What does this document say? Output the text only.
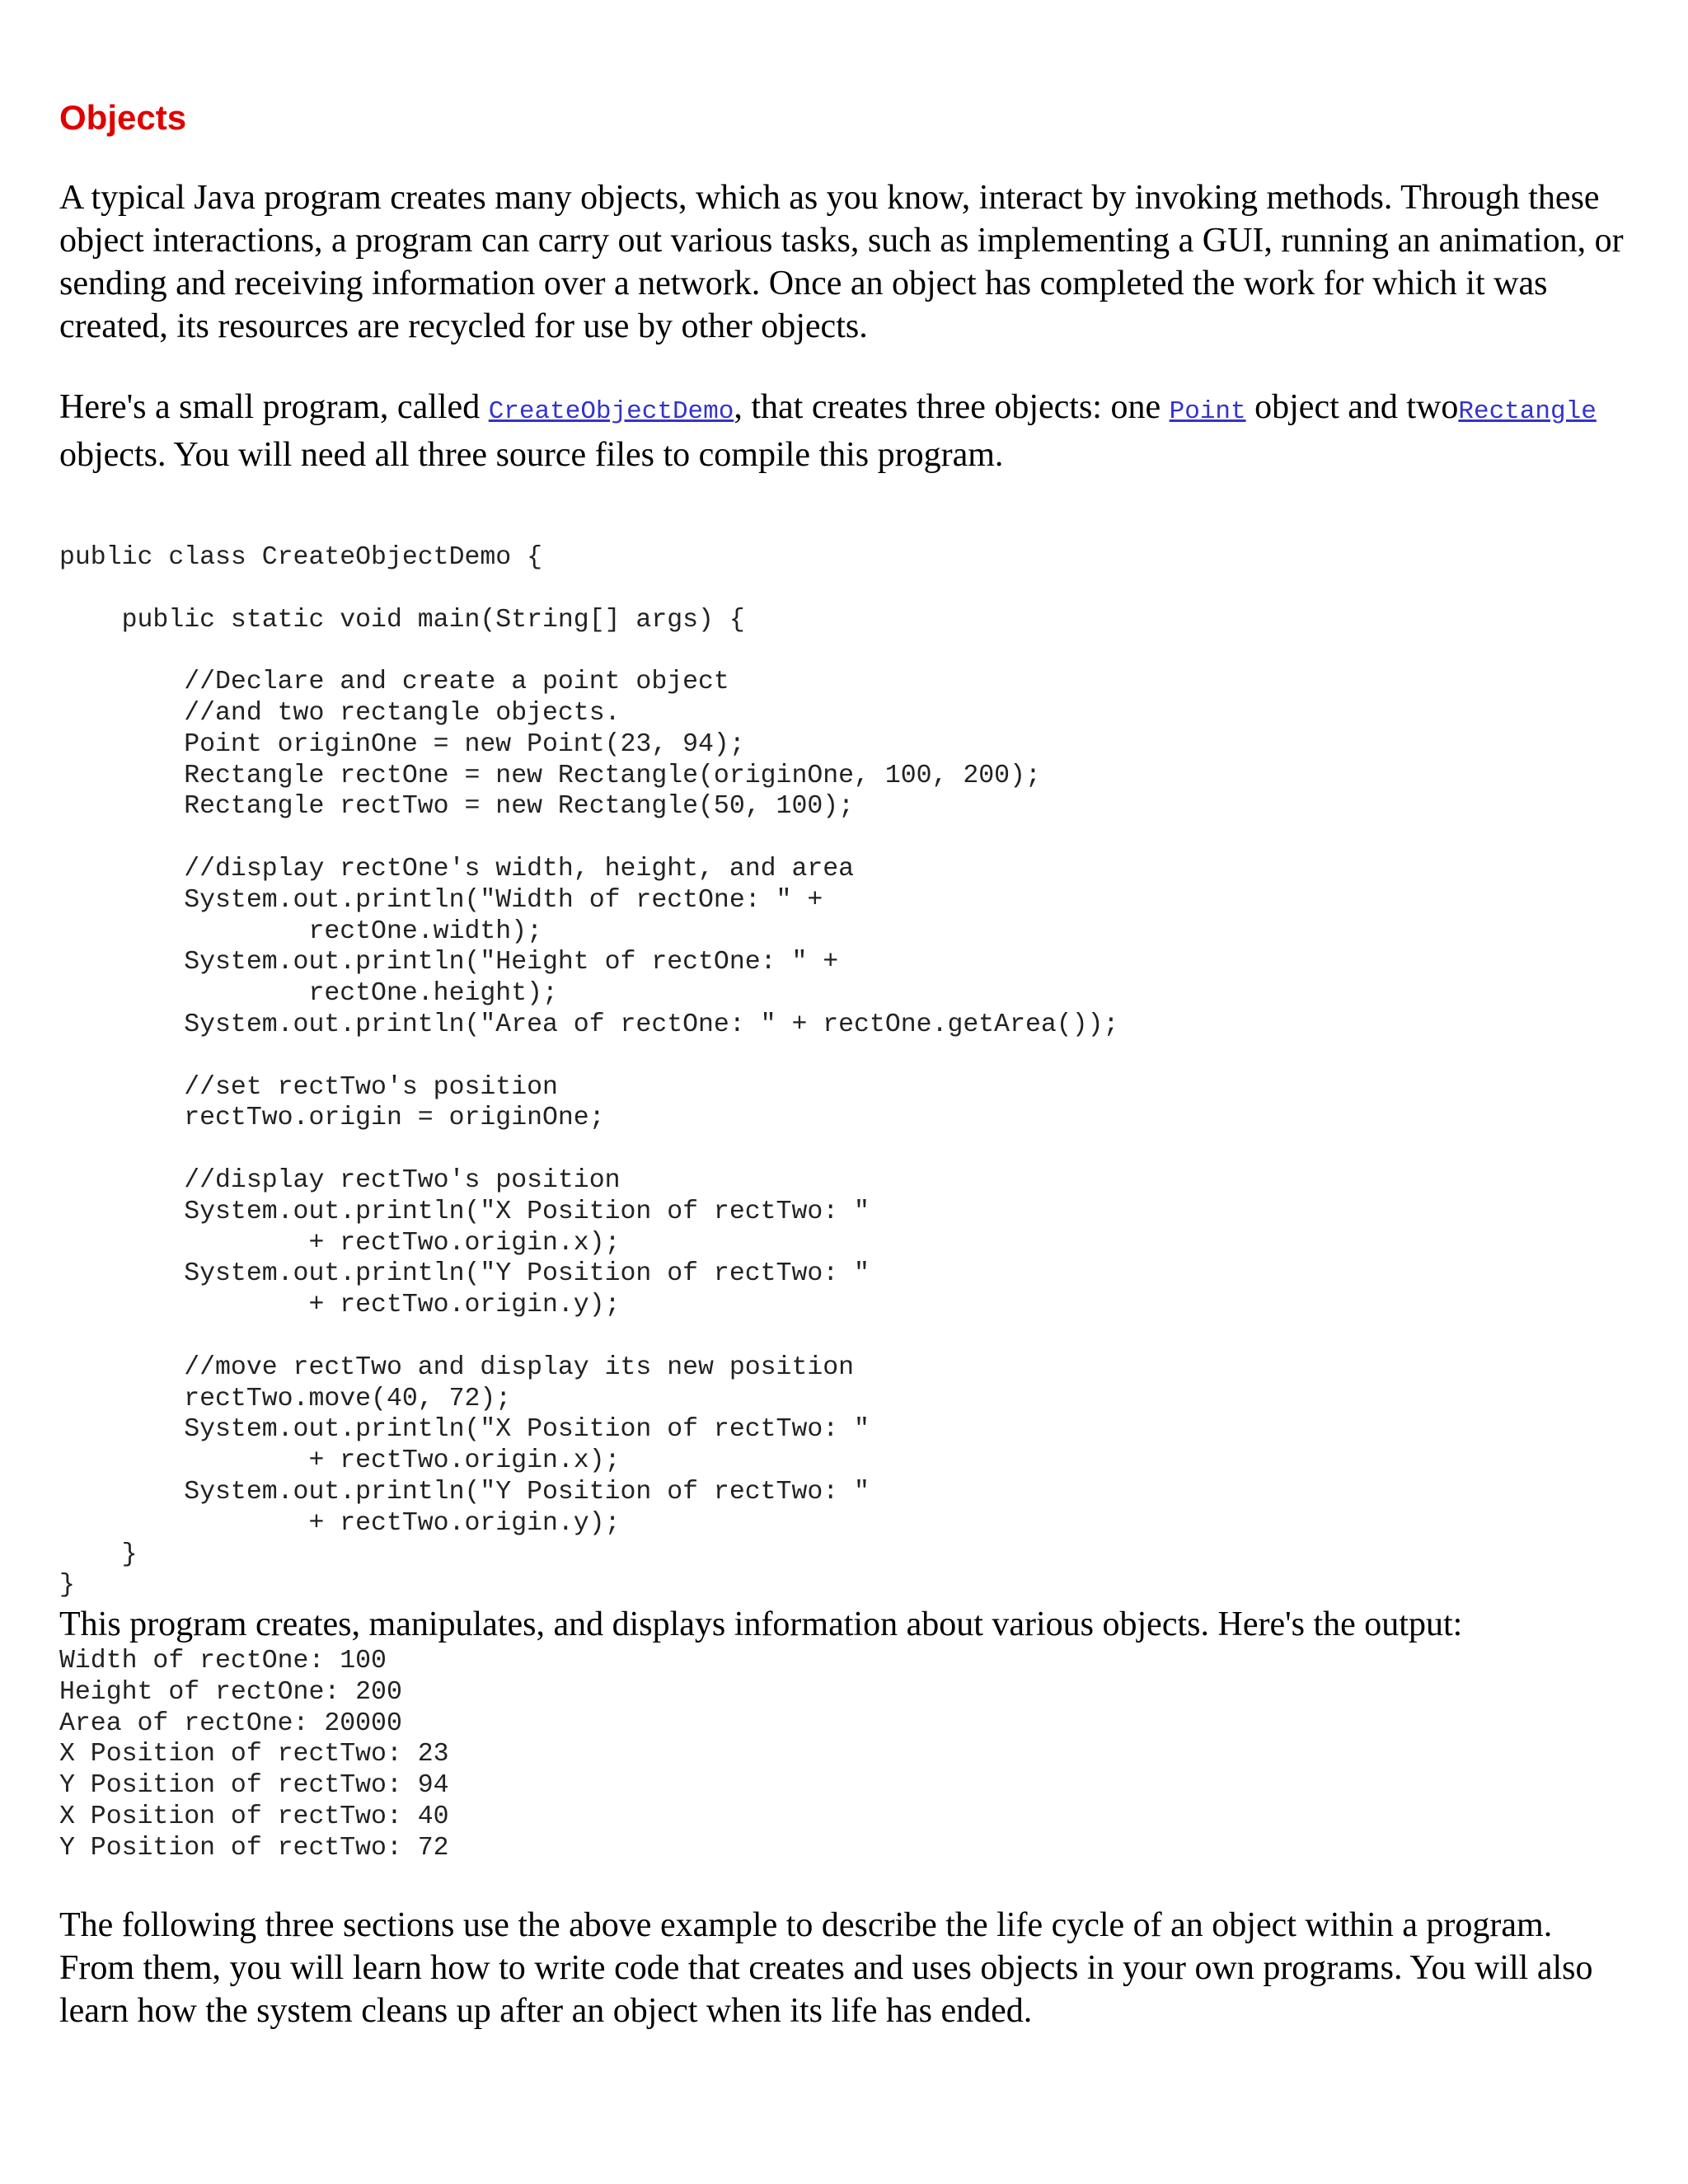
Objects

A typical Java program creates many objects, which as you know, interact by invoking methods. Through these object interactions, a program can carry out various tasks, such as implementing a GUI, running an animation, or sending and receiving information over a network. Once an object has completed the work for which it was created, its resources are recycled for use by other objects.

Here's a small program, called CreateObjectDemo, that creates three objects: one Point object and twoRectangle objects. You will need all three source files to compile this program.

public class CreateObjectDemo {

public static void main(String[] args) {

//Declare and create a point object
//and two rectangle objects.
Point originOne = new Point(23, 94);
Rectangle rectOne = new Rectangle(originOne, 100, 200);
Rectangle rectTwo = new Rectangle(50, 100);

//display rectOne's width, height, and area
System.out.println("Width of rectOne: " +
rectOne.width);
System.out.println("Height of rectOne: " +
rectOne.height);
System.out.println("Area of rectOne: " + rectOne.getArea());

//set rectTwo's position
rectTwo.origin = originOne;

//display rectTwo's position
System.out.println("X Position of rectTwo: "
+ rectTwo.origin.x);
System.out.println("Y Position of rectTwo: "
+ rectTwo.origin.y);

//move rectTwo and display its new position
rectTwo.move(40, 72);
System.out.println("X Position of rectTwo: "
+ rectTwo.origin.x);
System.out.println("Y Position of rectTwo: "
+ rectTwo.origin.y);
}
}

This program creates, manipulates, and displays information about various objects. Here's the output:

Width of rectOne: 100
Height of rectOne: 200
Area of rectOne: 20000
X Position of rectTwo: 23
Y Position of rectTwo: 94
X Position of rectTwo: 40
Y Position of rectTwo: 72

The following three sections use the above example to describe the life cycle of an object within a program. From them, you will learn how to write code that creates and uses objects in your own programs. You will also learn how the system cleans up after an object when its life has ended.
